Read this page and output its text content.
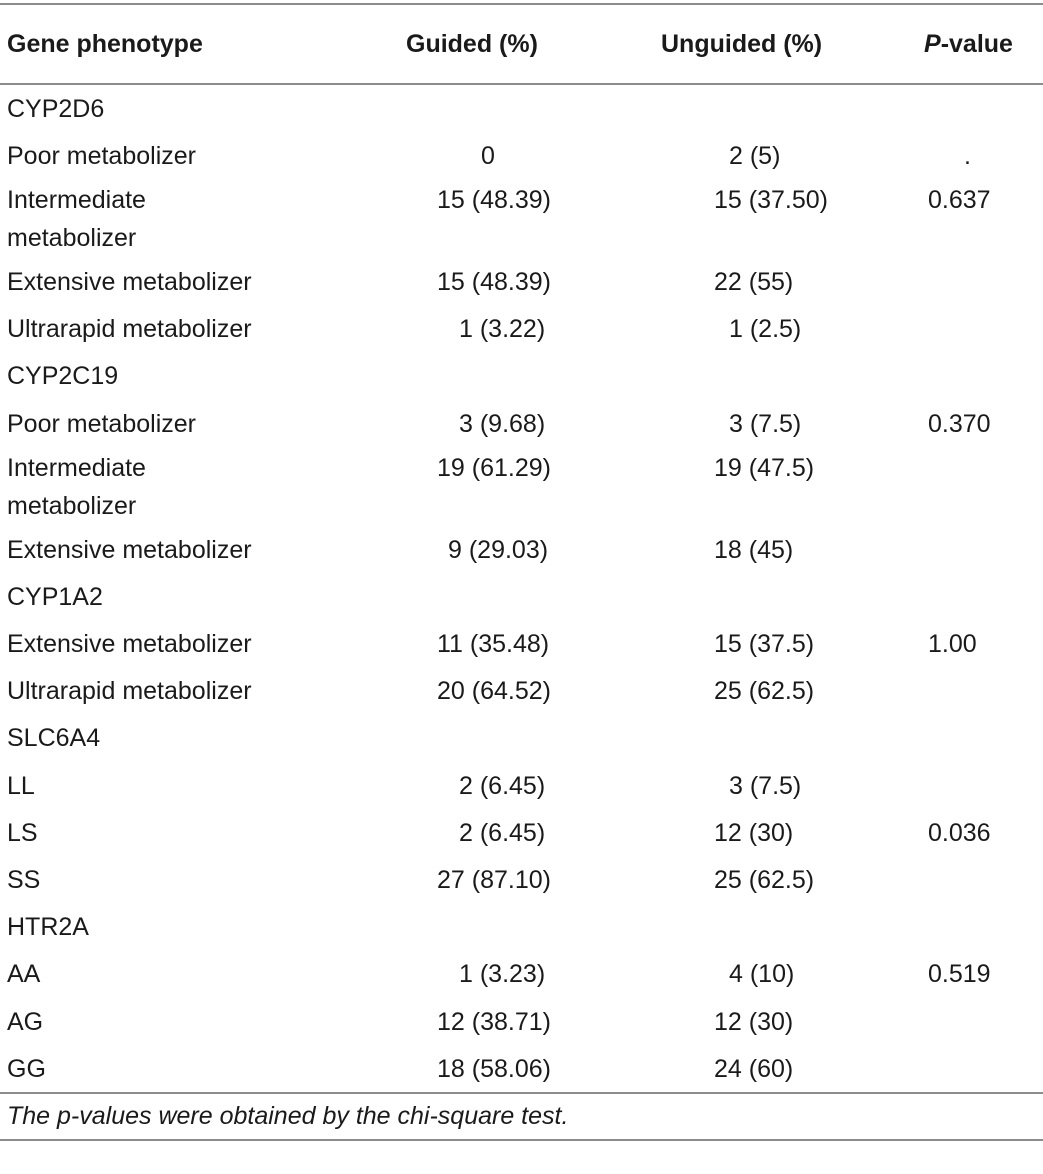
Gene phenotype	Guided (%)	Unguided (%)	P-value
CYP2D6			
Poor metabolizer	0	2 (5)	.
Intermediate metabolizer	15 (48.39)	15 (37.50)	0.637
Extensive metabolizer	15 (48.39)	22 (55)	
Ultrarapid metabolizer	1 (3.22)	1 (2.5)	
CYP2C19			
Poor metabolizer	3 (9.68)	3 (7.5)	0.370
Intermediate metabolizer	19 (61.29)	19 (47.5)	
Extensive metabolizer	9 (29.03)	18 (45)	
CYP1A2			
Extensive metabolizer	11 (35.48)	15 (37.5)	1.00
Ultrarapid metabolizer	20 (64.52)	25 (62.5)	
SLC6A4			
LL	2 (6.45)	3 (7.5)	
LS	2 (6.45)	12 (30)	0.036
SS	27 (87.10)	25 (62.5)	
HTR2A			
AA	1 (3.23)	4 (10)	0.519
AG	12 (38.71)	12 (30)	
GG	18 (58.06)	24 (60)	
The p-values were obtained by the chi-square test.			
